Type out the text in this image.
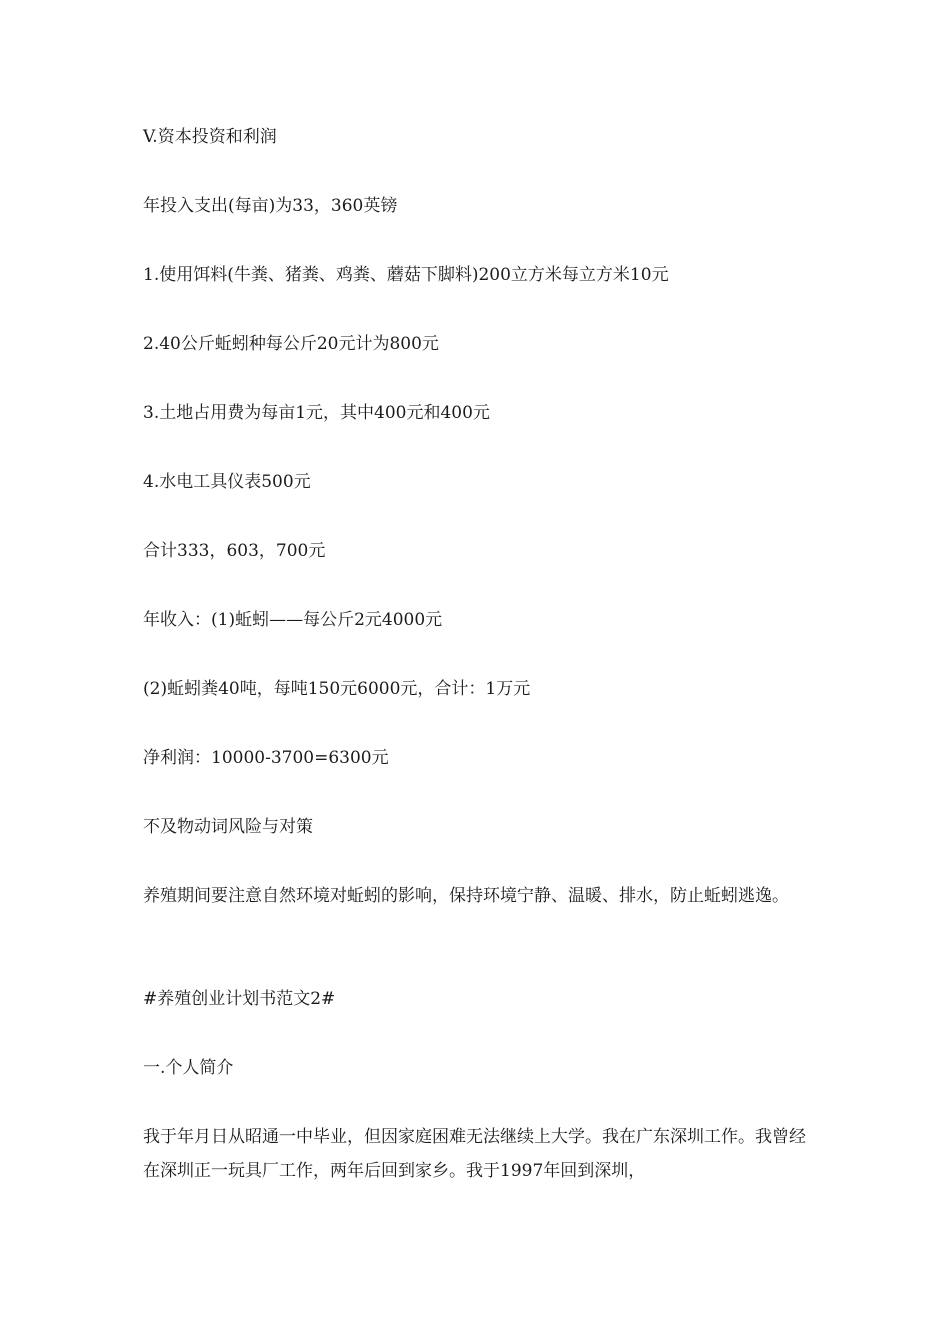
V.资本投资和利润

年投入支出(每亩)为33，360英镑

1.使用饵料(牛粪、猪粪、鸡粪、蘑菇下脚料)200立方米每立方米10元

2.40公斤蚯蚓种每公斤20元计为800元

3.土地占用费为每亩1元，其中400元和400元

4.水电工具仪表500元

合计333，603，700元

年收入：(1)蚯蚓——每公斤2元4000元

(2)蚯蚓粪40吨，每吨150元6000元，合计：1万元

净利润：10000-3700=6300元

不及物动词风险与对策

养殖期间要注意自然环境对蚯蚓的影响，保持环境宁静、温暖、排水，防止蚯蚓逃逸。

#养殖创业计划书范文2#

一.个人简介

我于年月日从昭通一中毕业，但因家庭困难无法继续上大学。我在广东深圳工作。我曾经在深圳正一玩具厂工作，两年后回到家乡。我于1997年回到深圳，
